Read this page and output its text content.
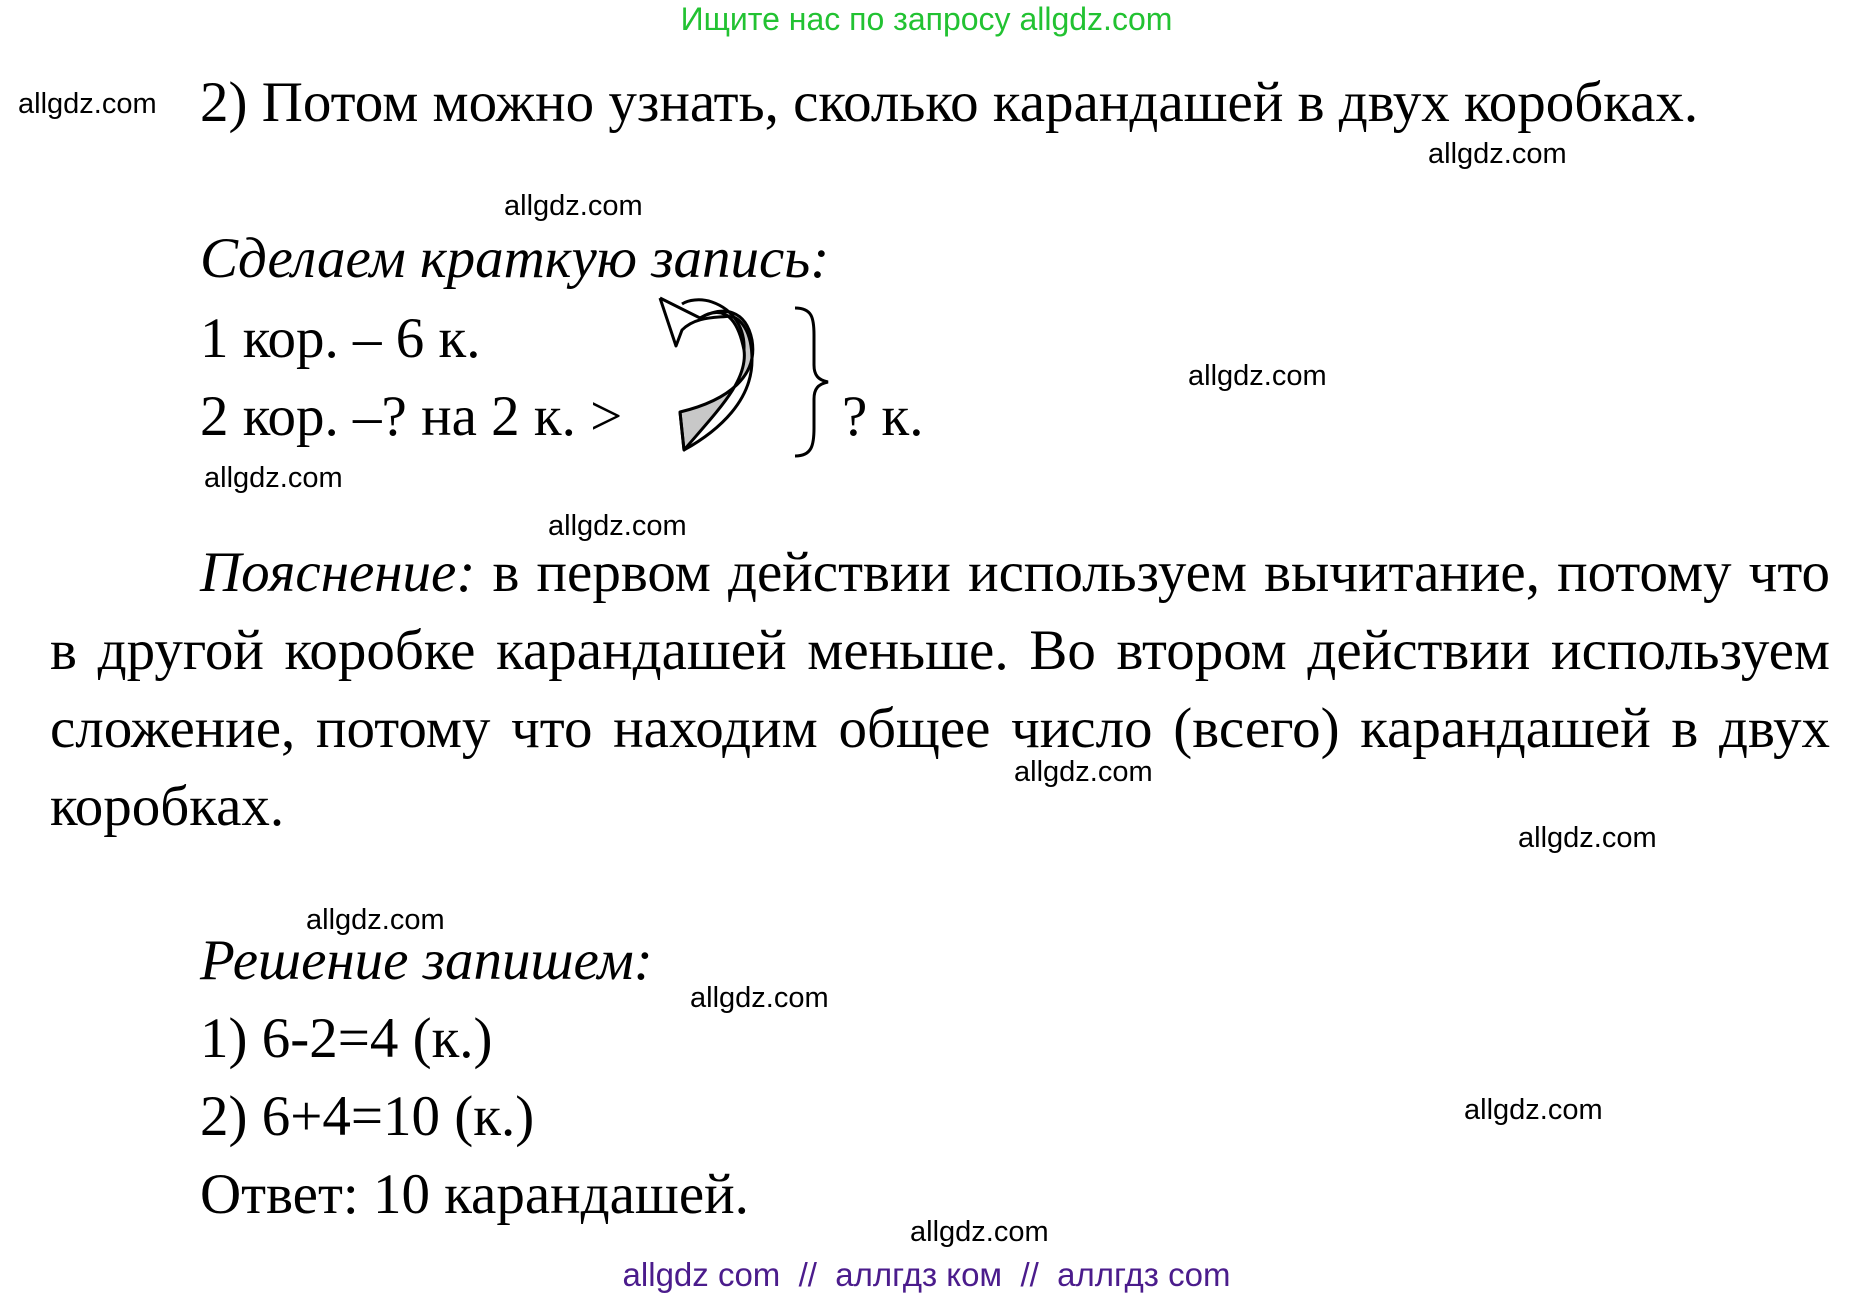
Ищите нас по запросу allgdz.com
2) Потом можно узнать, сколько карандашей в двух коробках.
Сделаем краткую запись:
1 кор. – 6 к.
2 кор. –? на 2 к. >	? к.
Пояснение: в первом действии используем вычитание, потому что в другой коробке карандашей меньше. Во втором действии используем сложение, потому что находим общее число (всего) карандашей в двух коробках.
Решение запишем:
1) 6-2=4 (к.)
2) 6+4=10 (к.)
Ответ: 10 карандашей.
allgdz.com
allgdz.com
allgdz.com
allgdz.com
allgdz.com
allgdz.com
allgdz.com
allgdz.com
allgdz.com
allgdz.com
allgdz.com
allgdz.com
allgdz com  //  аллгдз ком  //  аллгдз com
